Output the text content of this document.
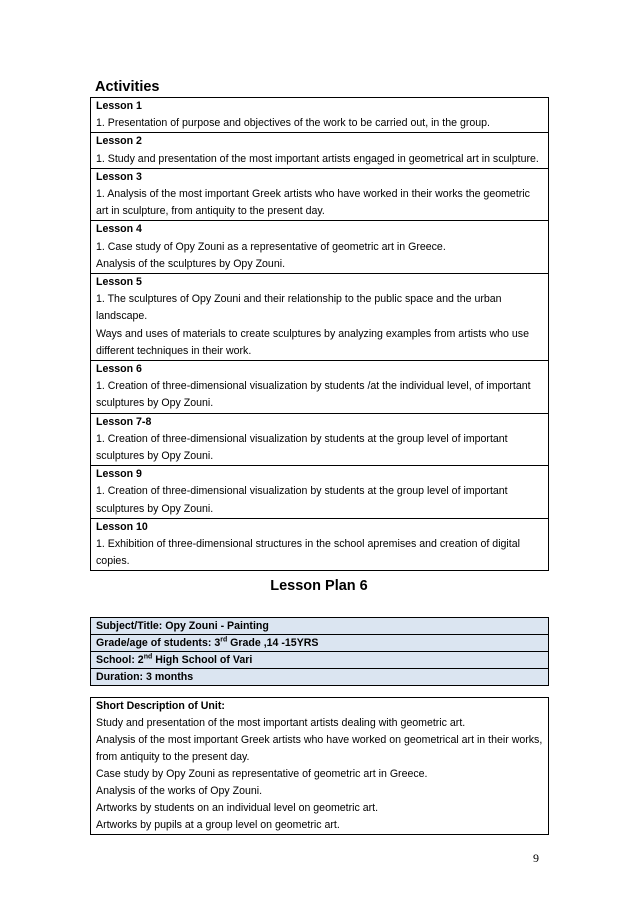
Activities
Lesson 1
1. Presentation of purpose and objectives of the work to be carried out, in the group.

Lesson 2
1. Study and presentation of the most important artists engaged in geometrical art in sculpture.

Lesson 3
1. Analysis of the most important Greek artists who have worked in their works the geometric art in sculpture, from antiquity to the present day.

Lesson 4
1. Case study of Opy Zouni as a representative of geometric art in Greece.
Analysis of the sculptures by Opy Zouni.

Lesson 5
1. The sculptures of Opy Zouni and their relationship to the public space and the urban landscape.
Ways and uses of materials to create sculptures by analyzing examples from artists who use different techniques in their work.

Lesson 6
1. Creation of three-dimensional visualization by students /at the individual level, of important sculptures by Opy Zouni.

Lesson 7-8
1. Creation of three-dimensional visualization by students at the group level of important sculptures by Opy Zouni.

Lesson 9
1. Creation of three-dimensional visualization by students at the group level of important sculptures by Opy Zouni.

Lesson 10
1. Exhibition of three-dimensional structures in the school apremises and creation of digital copies.
Lesson Plan 6
Subject/Title: Opy Zouni - Painting
Grade/age of students: 3rd Grade ,14 -15YRS
School: 2nd High School of Vari
Duration: 3 months
Short Description of Unit:
Study and presentation of the most important artists dealing with geometric art.
Analysis of the most important Greek artists who have worked on geometrical art in their works, from antiquity to the present day.
Case study by Opy Zouni as representative of geometric art in Greece.
Analysis of the works of Opy Zouni.
Artworks by students on an individual level on geometric art.
Artworks by pupils at a group level on geometric art.
9
